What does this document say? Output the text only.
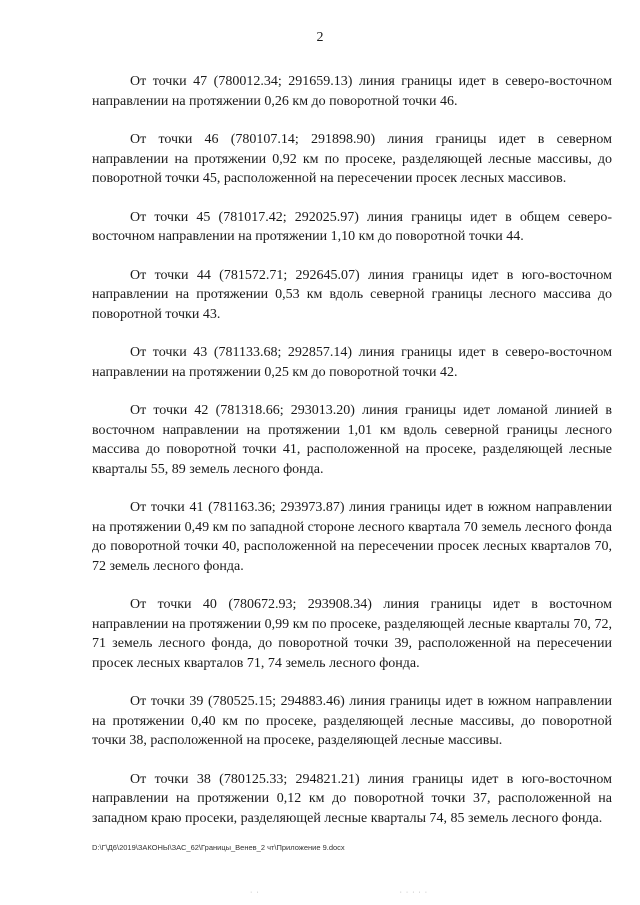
2

От точки 47 (780012.34; 291659.13) линия границы идет в северо-восточном направлении на протяжении 0,26 км до поворотной точки 46.

От точки 46 (780107.14; 291898.90) линия границы идет в северном направлении на протяжении 0,92 км по просеке, разделяющей лесные массивы, до поворотной точки 45, расположенной на пересечении просек лесных массивов.

От точки 45 (781017.42; 292025.97) линия границы идет в общем северо-восточном направлении на протяжении 1,10 км до поворотной точки 44.

От точки 44 (781572.71; 292645.07) линия границы идет в юго-восточном направлении на протяжении 0,53 км вдоль северной границы лесного массива до поворотной точки 43.

От точки 43 (781133.68; 292857.14) линия границы идет в северо-восточном направлении на протяжении 0,25 км до поворотной точки 42.

От точки 42 (781318.66; 293013.20) линия границы идет ломаной линией в восточном направлении на протяжении 1,01 км вдоль северной границы лесного массива до поворотной точки 41, расположенной на просеке, разделяющей лесные кварталы 55, 89 земель лесного фонда.

От точки 41 (781163.36; 293973.87) линия границы идет в южном направлении на протяжении 0,49 км по западной стороне лесного квартала 70 земель лесного фонда до поворотной точки 40, расположенной на пересечении просек лесных кварталов 70, 72 земель лесного фонда.

От точки 40 (780672.93; 293908.34) линия границы идет в восточном направлении на протяжении 0,99 км по просеке, разделяющей лесные кварталы 70, 72, 71 земель лесного фонда, до поворотной точки 39, расположенной на пересечении просек лесных кварталов 71, 74 земель лесного фонда.

От точки 39 (780525.15; 294883.46) линия границы идет в южном направлении на протяжении 0,40 км по просеке, разделяющей лесные массивы, до поворотной точки 38, расположенной на просеке, разделяющей лесные массивы.

От точки 38 (780125.33; 294821.21) линия границы идет в юго-восточном направлении на протяжении 0,12 км до поворотной точки 37, расположенной на западном краю просеки, разделяющей лесные кварталы 74, 85 земель лесного фонда.

D:\Г\Д6\2019\ЗАКОНЫ\ЗАС_62\Границы_Венев_2 чт\Приложение 9.docx
· ·	· · · · ·
